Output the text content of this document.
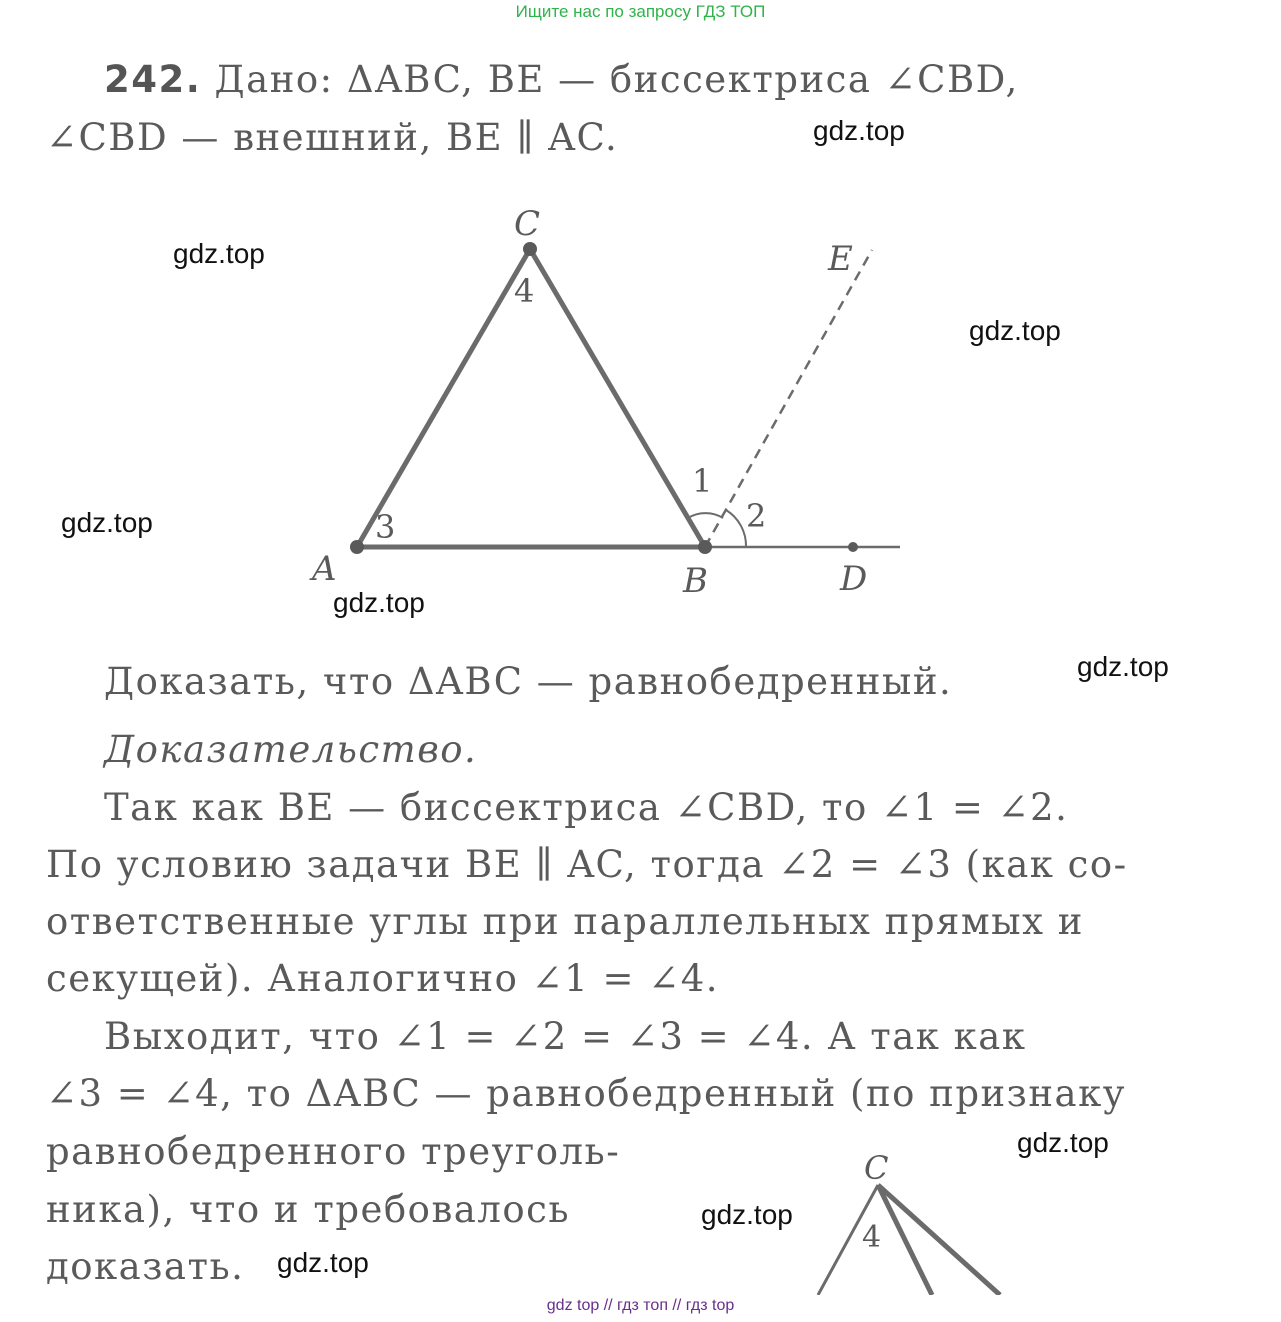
Ищите нас по запросу ГДЗ ТОП
242. Дано: ΔABC, BE — биссектриса ∠CBD,
∠CBD — внешний, BE ∥ AC.
A	B
C
D
E
1
2
3
4
Доказать, что ΔABC — равнобедренный.
Доказательство.
Так как BE — биссектриса ∠CBD, то ∠1 = ∠2.
По условию задачи BE ∥ AC, тогда ∠2 = ∠3 (как со-
ответственные углы при параллельных прямых и
секущей). Аналогично ∠1 = ∠4.
Выходит, что ∠1 = ∠2 = ∠3 = ∠4. А так как
∠3 = ∠4, то ΔABC — равнобедренный (по признаку
равнобедренного треуголь-
ника), что и требовалось
доказать.
C
4
gdz.top
gdz.top
gdz.top
gdz.top
gdz.top
gdz.top
gdz.top
gdz.top
gdz.top
gdz top // гдз топ // гдз top
